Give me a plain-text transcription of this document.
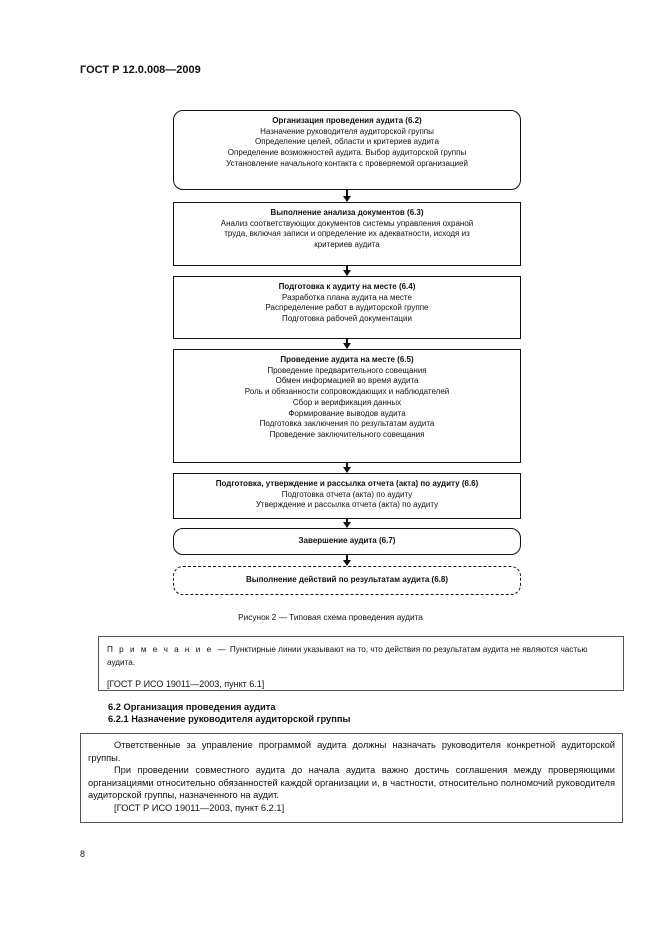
ГОСТ Р 12.0.008—2009
Организация проведения аудита (6.2)
Назначение руководителя аудиторской группы
Определение целей, области и критериев аудита
Определение возможностей аудита. Выбор аудиторской группы
Установление начального контакта с проверяемой организацией
Выполнение анализа документов (6.3)
Анализ соответствующих документов системы управления охраной
труда, включая записи и определение их адекватности, исходя из
критериев аудита
Подготовка к аудиту на месте (6.4)
Разработка плана аудита на месте
Распределение работ в аудиторской группе
Подготовка рабочей документации
Проведение аудита на месте (6.5)
Проведение предварительного совещания
Обмен информацией во время аудита
Роль и обязанности сопровождающих и наблюдателей
Сбор и верификация данных
Формирование выводов аудита
Подготовка заключения по результатам аудита
Проведение заключительного совещания
Подготовка, утверждение и рассылка отчета (акта) по аудиту (6.6)
Подготовка отчета (акта) по аудиту
Утверждение и рассылка отчета (акта) по аудиту
Завершение аудита (6.7)
Выполнение действий по результатам аудита (6.8)
Рисунок 2 — Типовая схема проведения аудита
П р и м е ч а н и е — Пунктирные линии указывают на то, что действия по результатам аудита не являются частью аудита.
[ГОСТ Р ИСО 19011—2003, пункт 6.1]
6.2 Организация проведения аудита
6.2.1 Назначение руководителя аудиторской группы

Ответственные за управление программой аудита должны назначать руководителя конкретной аудиторской группы.

При проведении совместного аудита до начала аудита важно достичь соглашения между проверяющими организациями относительно обязанностей каждой организации и, в частности, относительно полномочий руководителя аудиторской группы, назначенного на аудит.

[ГОСТ Р ИСО 19011—2003, пункт 6.2.1]

8
